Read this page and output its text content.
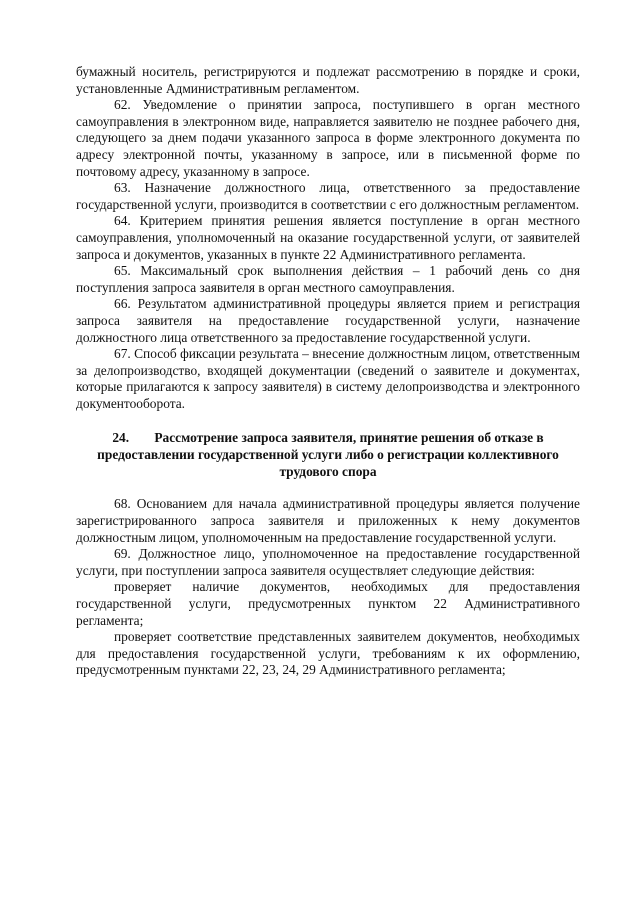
бумажный носитель, регистрируются и подлежат рассмотрению в порядке и сроки, установленные Административным регламентом.

62. Уведомление о принятии запроса, поступившего в орган местного самоуправления в электронном виде, направляется заявителю не позднее рабочего дня, следующего за днем подачи указанного запроса в форме электронного документа по адресу электронной почты, указанному в запросе, или в письменной форме по почтовому адресу, указанному в запросе.

63. Назначение должностного лица, ответственного за предоставление государственной услуги, производится в соответствии с его должностным регламентом.

64. Критерием принятия решения является поступление в орган местного самоуправления, уполномоченный на оказание государственной услуги, от заявителей запроса и документов, указанных в пункте 22 Административного регламента.

65. Максимальный срок выполнения действия – 1 рабочий день со дня поступления запроса заявителя в орган местного самоуправления.

66. Результатом административной процедуры является прием и регистрация запроса заявителя на предоставление государственной услуги, назначение должностного лица ответственного за предоставление государственной услуги.

67. Способ фиксации результата – внесение должностным лицом, ответственным за делопроизводство, входящей документации (сведений о заявителе и документах, которые прилагаются к запросу заявителя) в систему делопроизводства и электронного документооборота.

24. Рассмотрение запроса заявителя, принятие решения об отказе в предоставлении государственной услуги либо о регистрации коллективного трудового спора

68. Основанием для начала административной процедуры является получение зарегистрированного запроса заявителя и приложенных к нему документов должностным лицом, уполномоченным на предоставление государственной услуги.

69. Должностное лицо, уполномоченное на предоставление государственной услуги, при поступлении запроса заявителя осуществляет следующие действия:

проверяет наличие документов, необходимых для предоставления государственной услуги, предусмотренных пунктом 22 Административного регламента;

проверяет соответствие представленных заявителем документов, необходимых для предоставления государственной услуги, требованиям к их оформлению, предусмотренным пунктами 22, 23, 24, 29 Административного регламента;
